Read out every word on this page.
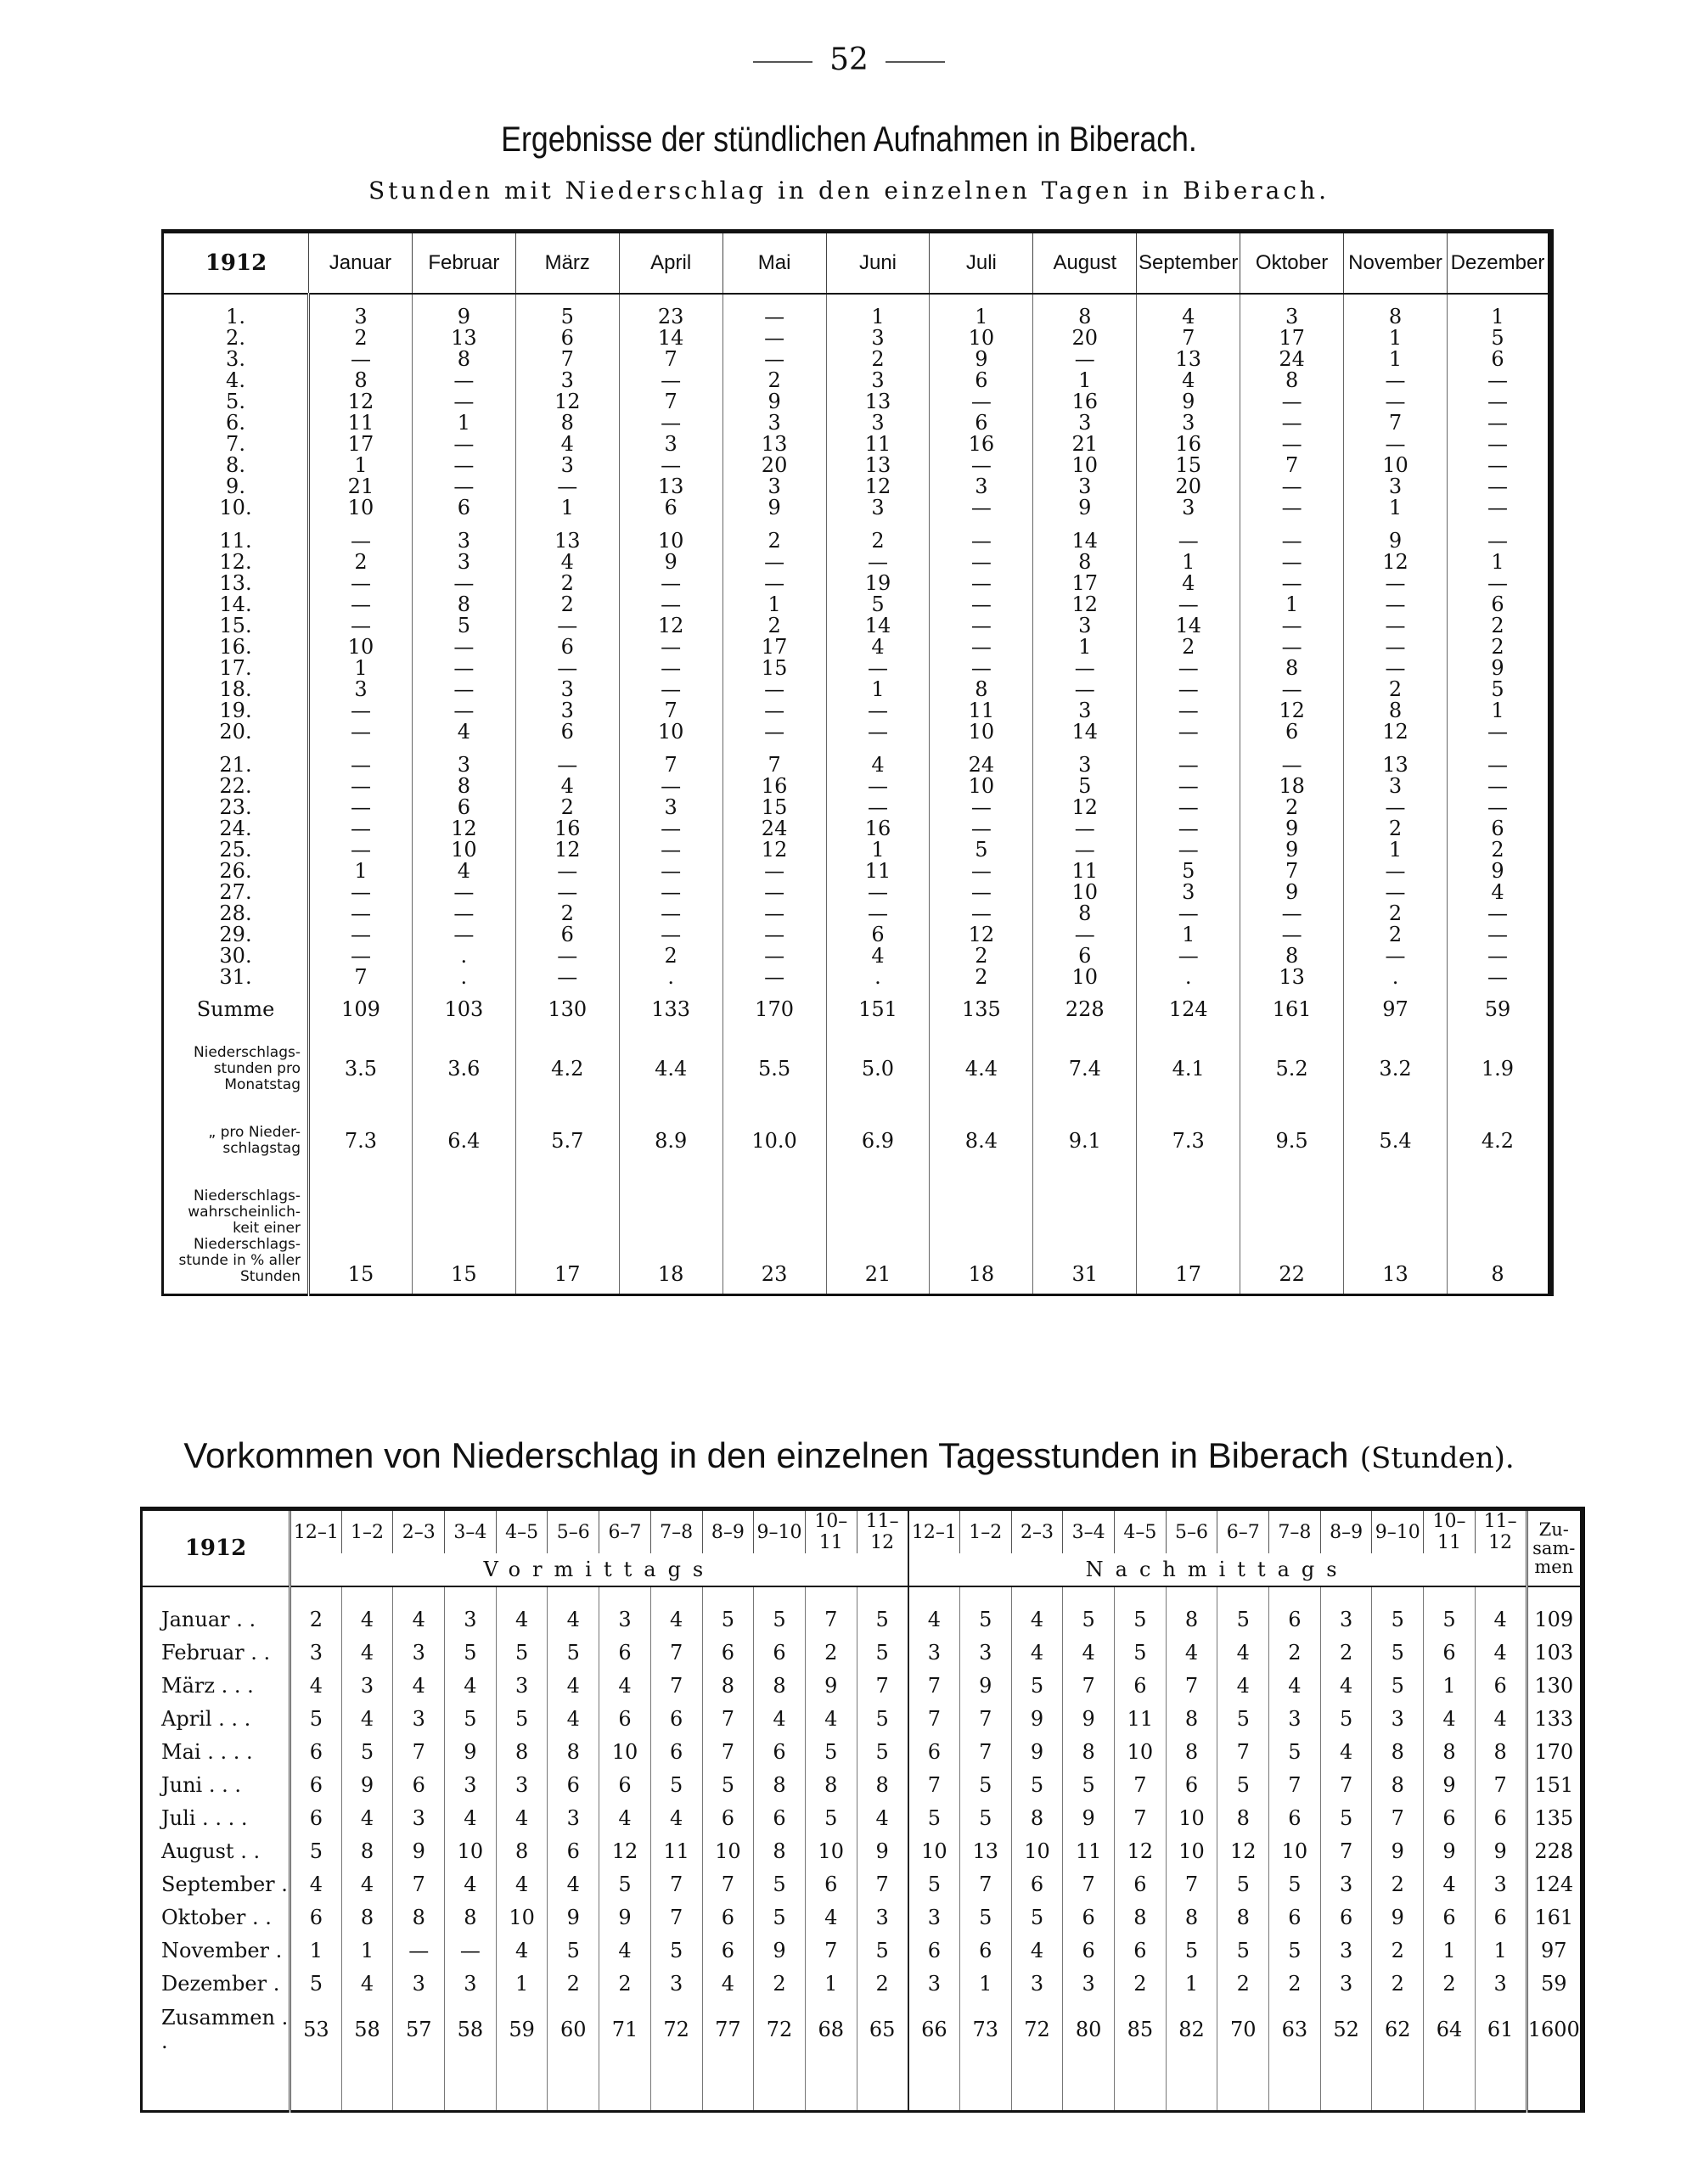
52
Ergebnisse der stündlichen Aufnahmen in Biberach.
Stunden mit Niederschlag in den einzelnen Tagen in Biberach.
1912	Januar	Februar	März	April	Mai	Juni	Juli	August	September	Oktober	November	Dezember

1.	3	9	5	23	—	1	1	8	4	3	8	1
2.	2	13	6	14	—	3	10	20	7	17	1	5
3.	—	8	7	7	—	2	9	—	13	24	1	6
4.	8	—	3	—	2	3	6	1	4	8	—	—
5.	12	—	12	7	9	13	—	16	9	—	—	—
6.	11	1	8	—	3	3	6	3	3	—	7	—
7.	17	—	4	3	13	11	16	21	16	—	—	—
8.	1	—	3	—	20	13	—	10	15	7	10	—
9.	21	—	—	13	3	12	3	3	20	—	3	—
10.	10	6	1	6	9	3	—	9	3	—	1	—

11.	—	3	13	10	2	2	—	14	—	—	9	—
12.	2	3	4	9	—	—	—	8	1	—	12	1
13.	—	—	2	—	—	19	—	17	4	—	—	—
14.	—	8	2	—	1	5	—	12	—	1	—	6
15.	—	5	—	12	2	14	—	3	14	—	—	2
16.	10	—	6	—	17	4	—	1	2	—	—	2
17.	1	—	—	—	15	—	—	—	—	8	—	9
18.	3	—	3	—	—	1	8	—	—	—	2	5
19.	—	—	3	7	—	—	11	3	—	12	8	1
20.	—	4	6	10	—	—	10	14	—	6	12	—

21.	—	3	—	7	7	4	24	3	—	—	13	—
22.	—	8	4	—	16	—	10	5	—	18	3	—
23.	—	6	2	3	15	—	—	12	—	2	—	—
24.	—	12	16	—	24	16	—	—	—	9	2	6
25.	—	10	12	—	12	1	5	—	—	9	1	2
26.	1	4	—	—	—	11	—	11	5	7	—	9
27.	—	—	—	—	—	—	—	10	3	9	—	4
28.	—	—	2	—	—	—	—	8	—	—	2	—
29.	—	—	6	—	—	6	12	—	1	—	2	—
30.	—	.	—	2	—	4	2	6	—	8	—	—
31.	7	.	—	.	—	.	2	10	.	13	.	—
Summe	109	103	130	133	170	151	135	228	124	161	97	59
Niederschlags-stunden pro Monatstag	3.5	3.6	4.2	4.4	5.5	5.0	4.4	7.4	4.1	5.2	3.2	1.9
„ pro Nieder-schlagstag	7.3	6.4	5.7	8.9	10.0	6.9	8.4	9.1	7.3	9.5	5.4	4.2
Niederschlags-wahrscheinlich-keit einer Niederschlags-stunde in % aller Stunden	15	15	17	18	23	21	18	31	17	22	13	8
Vorkommen von Niederschlag in den einzelnen Tagesstunden in Biberach (Stunden).
1912	12–1	1–2	2–3	3–4	4–5	5–6	6–7	7–8	8–9	9–10	10–11	11–12	12–1	1–2	2–3	3–4	4–5	5–6	6–7	7–8	8–9	9–10	10–11	11–12	Zu-sam-men
	Vormittags												Nachmittags												
Januar . .	2	4	4	3	4	4	3	4	5	5	7	5	4	5	4	5	5	8	5	6	3	5	5	4	109
Februar . .	3	4	3	5	5	5	6	7	6	6	2	5	3	3	4	4	5	4	4	2	2	5	6	4	103
März . . .	4	3	4	4	3	4	4	7	8	8	9	7	7	9	5	7	6	7	4	4	4	5	1	6	130
April . . .	5	4	3	5	5	4	6	6	7	4	4	5	7	7	9	9	11	8	5	3	5	3	4	4	133
Mai . . . .	6	5	7	9	8	8	10	6	7	6	5	5	6	7	9	8	10	8	7	5	4	8	8	8	170
Juni . . .	6	9	6	3	3	6	6	5	5	8	8	8	7	5	5	5	7	6	5	7	7	8	9	7	151
Juli . . . .	6	4	3	4	4	3	4	4	6	6	5	4	5	5	8	9	7	10	8	6	5	7	6	6	135
August . .	5	8	9	10	8	6	12	11	10	8	10	9	10	13	10	11	12	10	12	10	7	9	9	9	228
September .	4	4	7	4	4	4	5	7	7	5	6	7	5	7	6	7	6	7	5	5	3	2	4	3	124
Oktober . .	6	8	8	8	10	9	9	7	6	5	4	3	3	5	5	6	8	8	8	6	6	9	6	6	161
November .	1	1	—	—	4	5	4	5	6	9	7	5	6	6	4	6	6	5	5	5	3	2	1	1	97
Dezember .	5	4	3	3	1	2	2	3	4	2	1	2	3	1	3	3	2	1	2	2	3	2	2	3	59
Zusammen . .	53	58	57	58	59	60	71	72	77	72	68	65	66	73	72	80	85	82	70	63	52	62	64	61	1600
